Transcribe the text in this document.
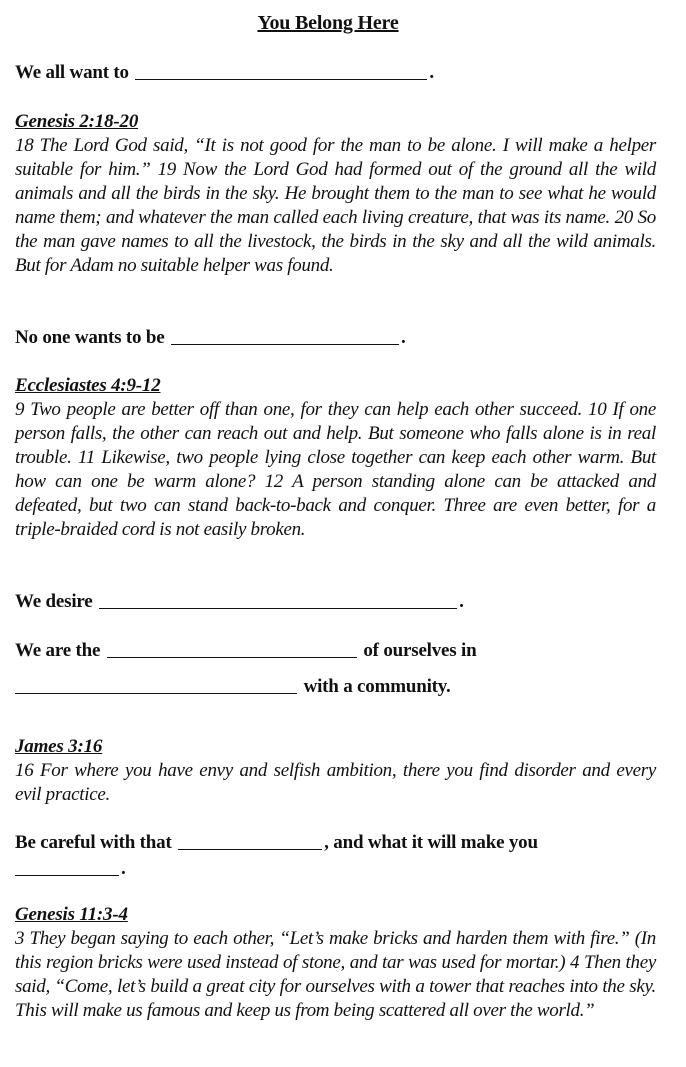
You Belong Here
We all want to	.
Genesis 2:18-20
18 The Lord God said, “It is not good for the man to be alone. I will make a helper suitable for him.” 19 Now the Lord God had formed out of the ground all the wild animals and all the birds in the sky. He brought them to the man to see what he would name them; and whatever the man called each living creature, that was its name. 20 So the man gave names to all the livestock, the birds in the sky and all the wild animals. But for Adam no suitable helper was found.
No one wants to be	.
Ecclesiastes 4:9-12
9 Two people are better off than one, for they can help each other succeed. 10 If one person falls, the other can reach out and help. But someone who falls alone is in real trouble. 11 Likewise, two people lying close together can keep each other warm. But how can one be warm alone? 12 A person standing alone can be attacked and defeated, but two can stand back-to-back and conquer. Three are even better, for a triple-braided cord is not easily broken.
We desire	.
We are the	of ourselves in
with a community.
James 3:16
16 For where you have envy and selfish ambition, there you find disorder and every evil practice.
Be careful with that	, and what it will make you
.
Genesis 11:3-4
3 They began saying to each other, “Let’s make bricks and harden them with fire.” (In this region bricks were used instead of stone, and tar was used for mortar.) 4 Then they said, “Come, let’s build a great city for ourselves with a tower that reaches into the sky. This will make us famous and keep us from being scattered all over the world.”
